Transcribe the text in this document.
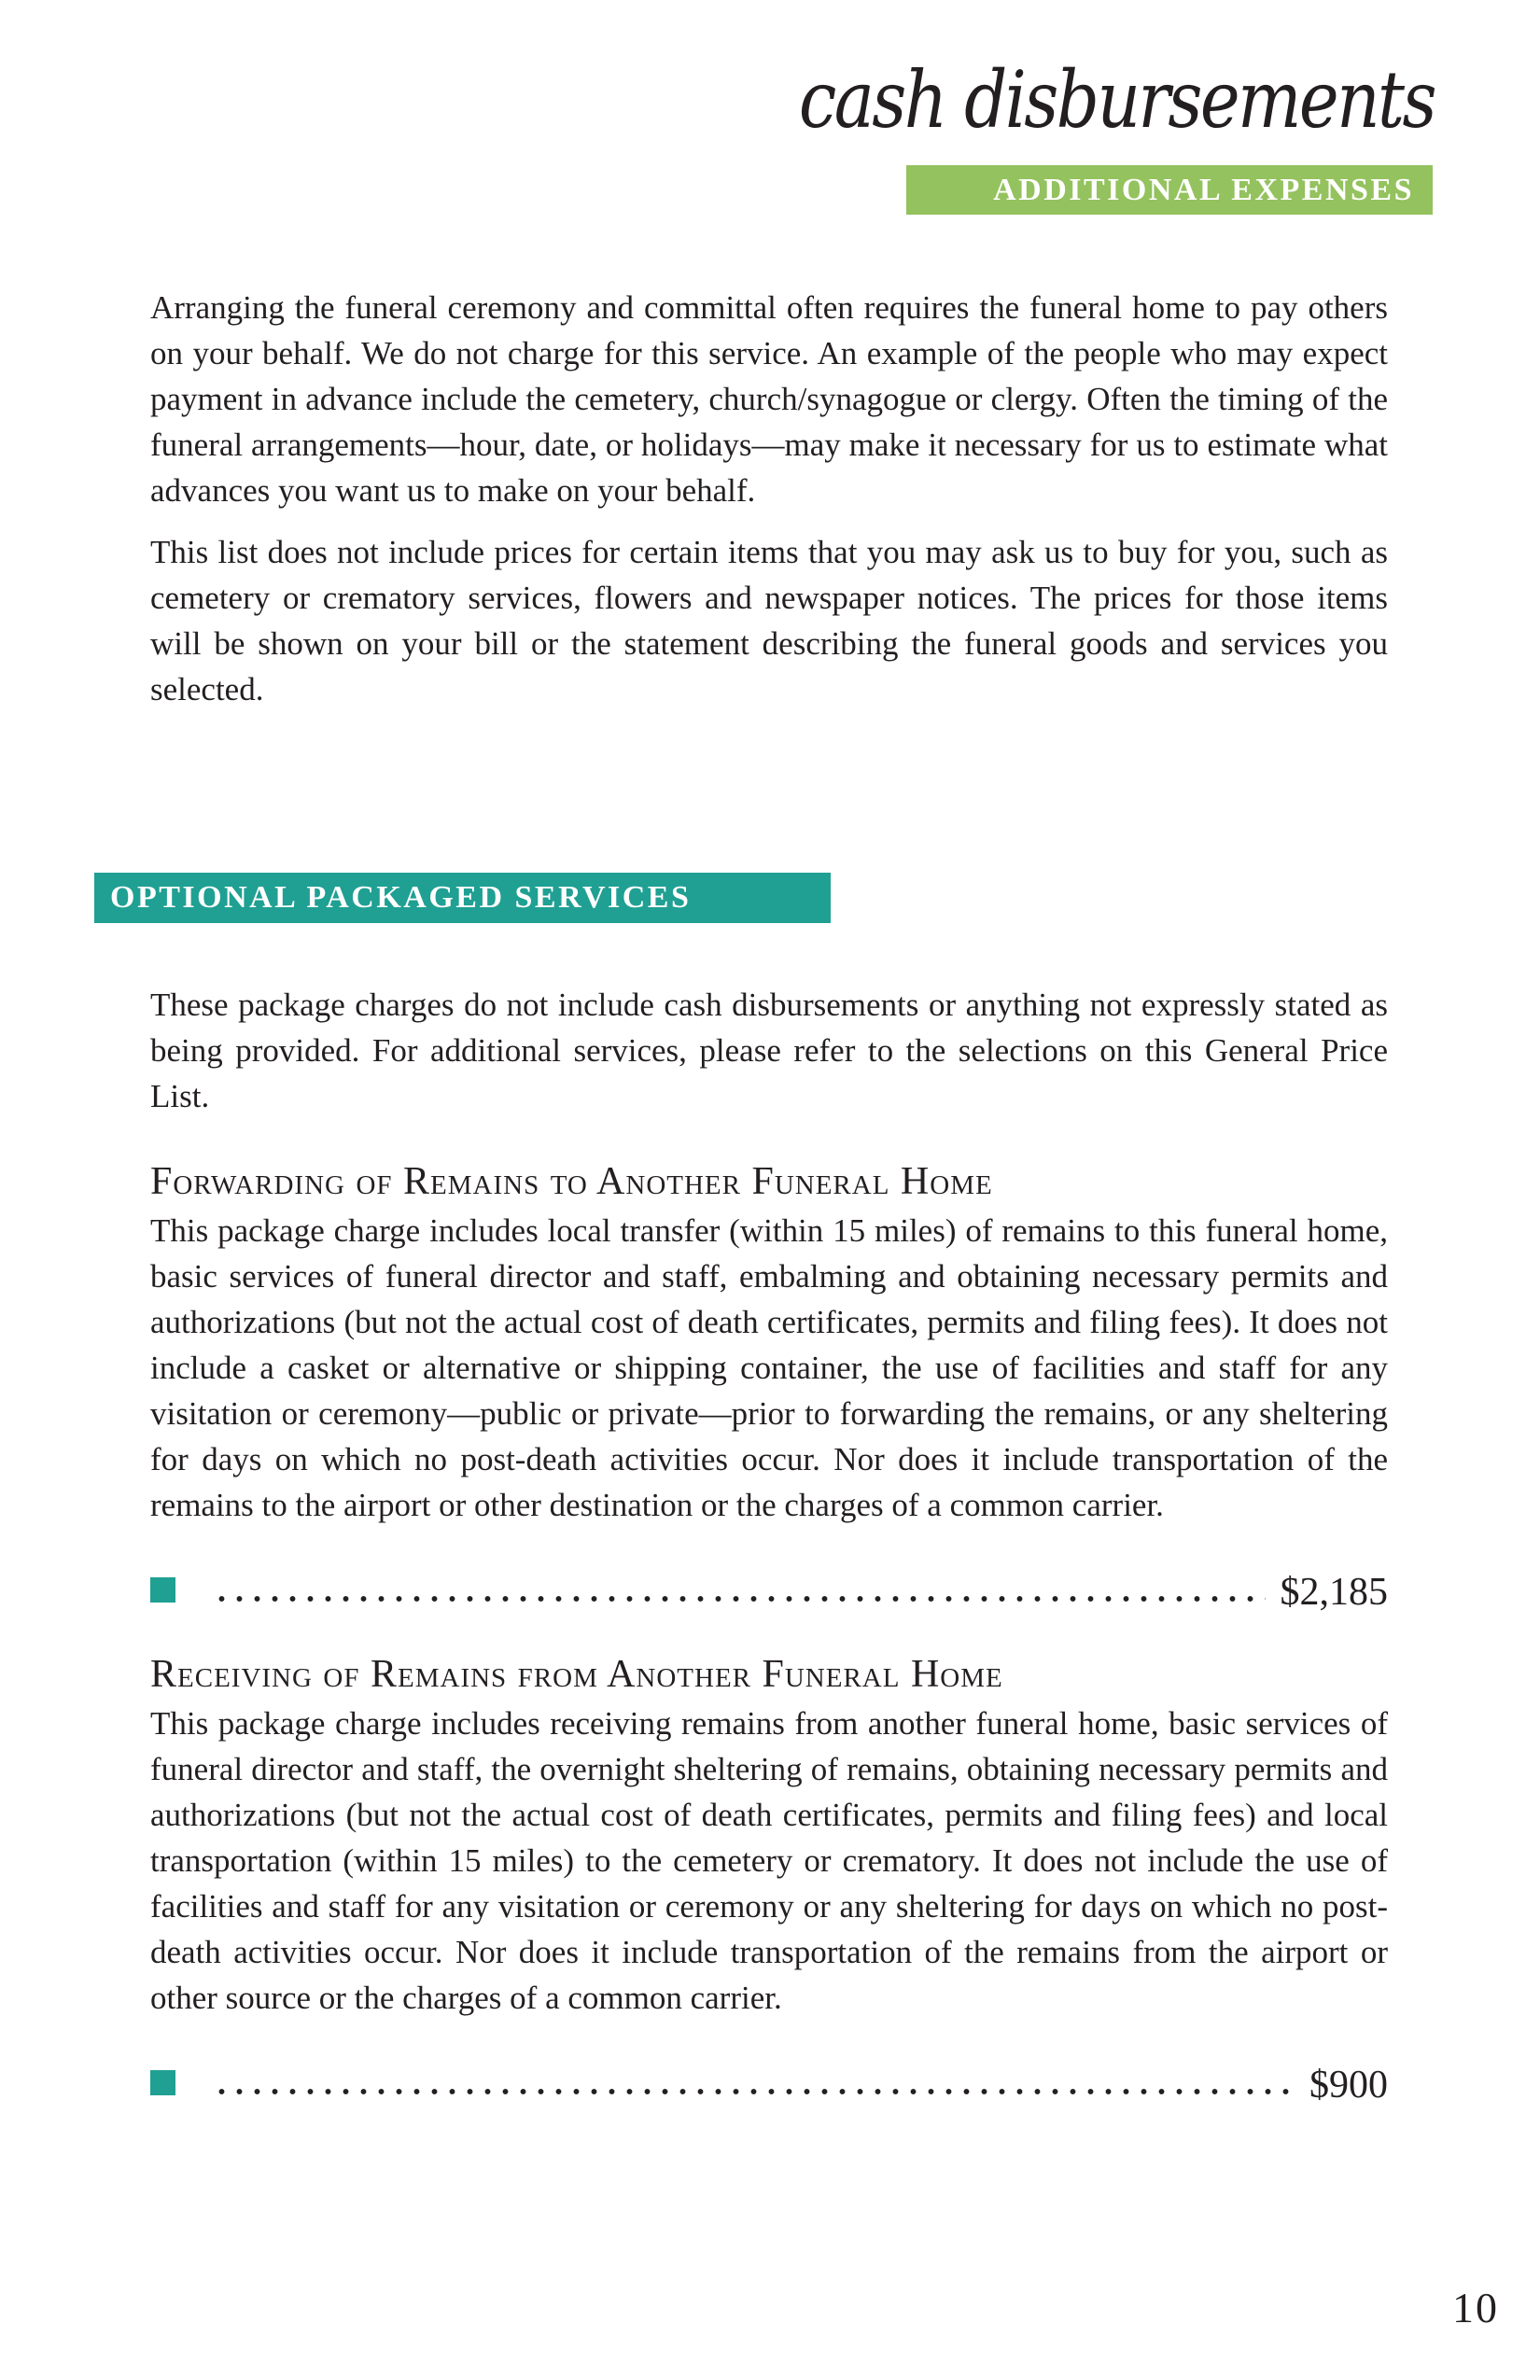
cash disbursements
ADDITIONAL EXPENSES

Arranging the funeral ceremony and committal often requires the funeral home to pay others on your behalf. We do not charge for this service. An example of the people who may expect payment in advance include the cemetery, church/synagogue or clergy. Often the timing of the funeral arrangements—hour, date, or holidays—may make it necessary for us to estimate what advances you want us to make on your behalf.

This list does not include prices for certain items that you may ask us to buy for you, such as cemetery or crematory services, flowers and newspaper notices. The prices for those items will be shown on your bill or the statement describing the funeral goods and services you selected.

OPTIONAL PACKAGED SERVICES

These package charges do not include cash disbursements or anything not expressly stated as being provided. For additional services, please refer to the selections on this General Price List.

Forwarding of Remains to Another Funeral Home

This package charge includes local transfer (within 15 miles) of remains to this funeral home, basic services of funeral director and staff, embalming and obtaining necessary permits and authorizations (but not the actual cost of death certificates, permits and filing fees). It does not include a casket or alternative or shipping container, the use of facilities and staff for any visitation or ceremony—public or private—prior to forwarding the remains, or any sheltering for days on which no post-death activities occur. Nor does it include transportation of the remains to the airport or other destination or the charges of a common carrier.

$2,185
Receiving of Remains from Another Funeral Home

This package charge includes receiving remains from another funeral home, basic services of funeral director and staff, the overnight sheltering of remains, obtaining necessary permits and authorizations (but not the actual cost of death certificates, permits and filing fees) and local transportation (within 15 miles) to the cemetery or crematory. It does not include the use of facilities and staff for any visitation or ceremony or any sheltering for days on which no post-death activities occur. Nor does it include transportation of the remains from the airport or other source or the charges of a common carrier.

$900
10
